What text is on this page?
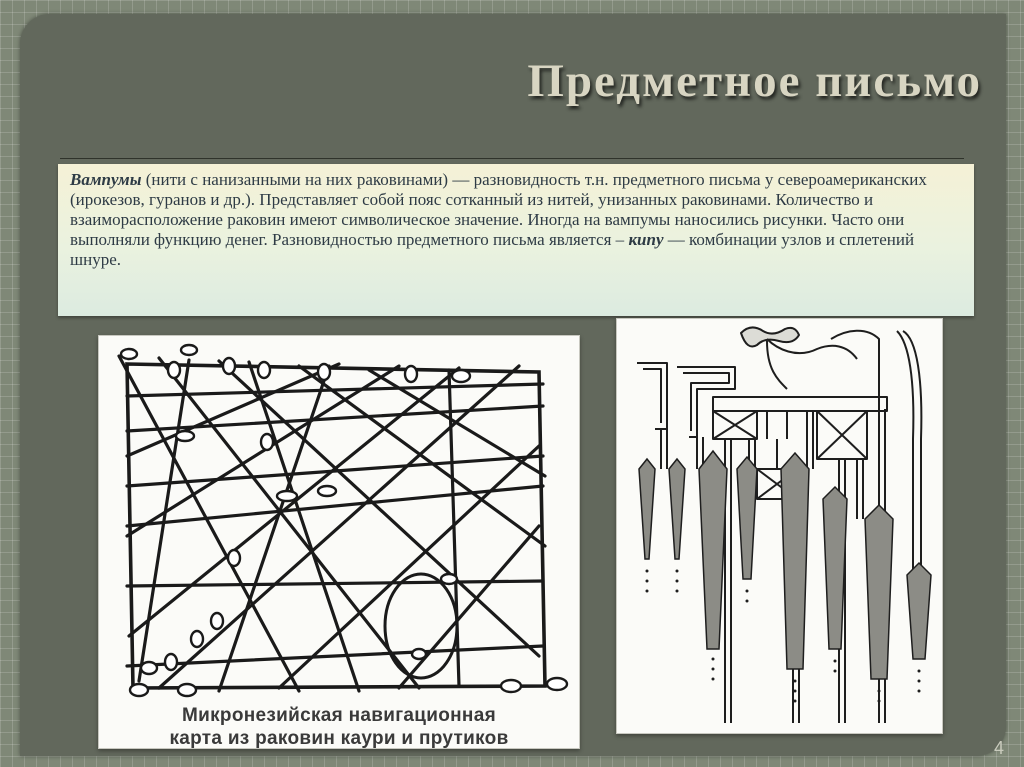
Предметное письмо

Вампумы (нити с нанизанными на них раковинами) — разновидность т.н. предметного письма у североамериканских (ирокезов, гуранов и др.). Представляет собой пояс сотканный из нитей, унизанных раковинами. Количество и взаиморасположение раковин имеют символическое значение. Иногда на вампумы наносились рисунки. Часто они выполняли функцию денег. Разновидностью предметного письма является – кипу — комбинации узлов и сплетений шнуре.

Микронезийская навигационная

карта из раковин каури и прутиков	4
